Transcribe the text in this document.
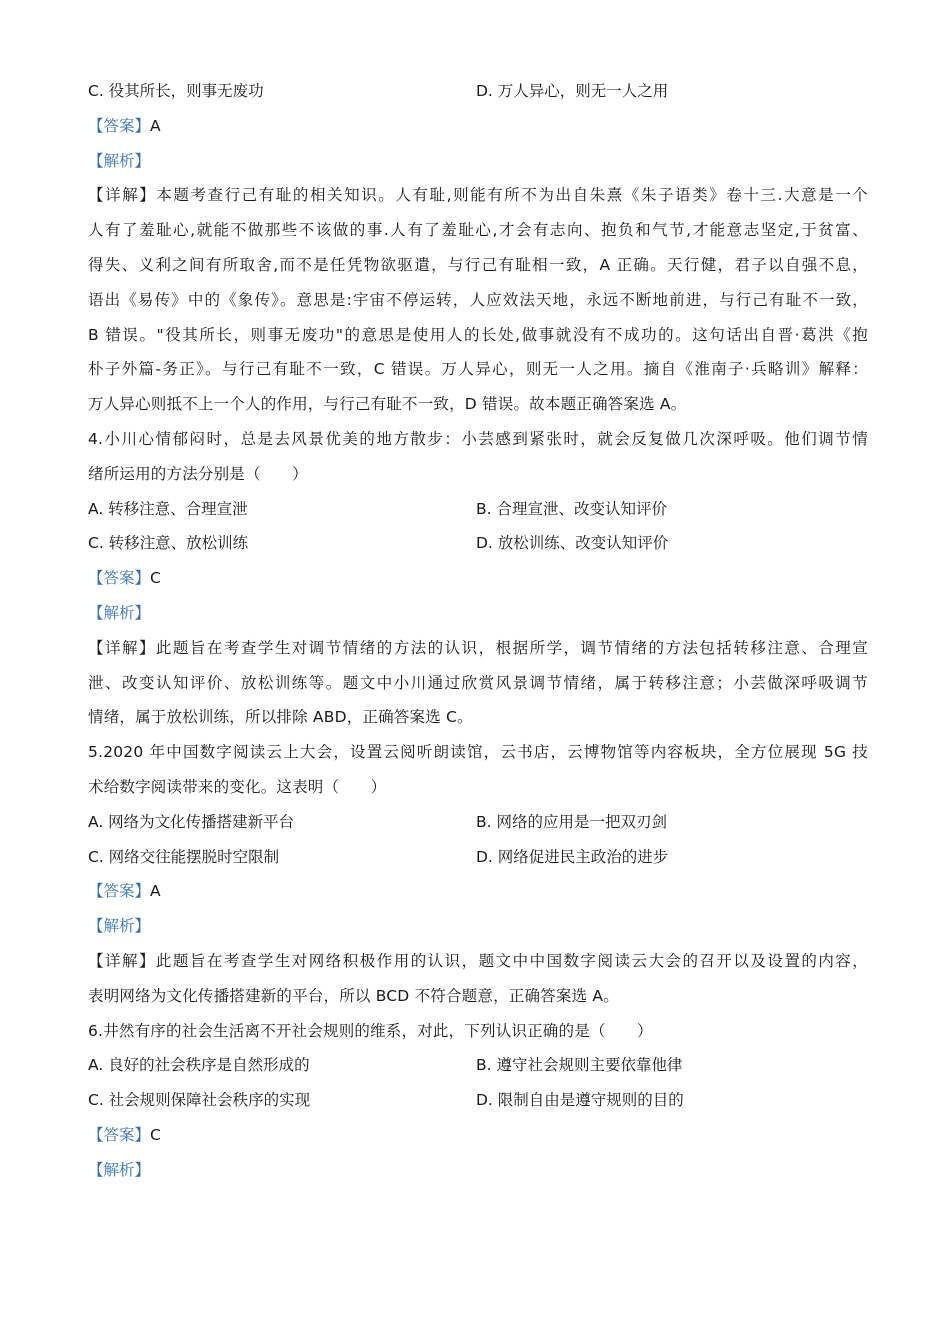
C. 役其所长，则事无废功	D. 万人异心，则无一人之用
【答案】A
【解析】
【详解】本题考查行己有耻的相关知识。人有耻,则能有所不为出自朱熹《朱子语类》卷十三.大意是一个
人有了羞耻心,就能不做那些不该做的事.人有了羞耻心,才会有志向、抱负和气节,才能意志坚定,于贫富、
得失、义利之间有所取舍,而不是任凭物欲驱遣，与行己有耻相一致，A 正确。天行健，君子以自强不息，
语出《易传》中的《象传》。意思是:宇宙不停运转，人应效法天地，永远不断地前进，与行己有耻不一致，
B 错误。"役其所长，则事无废功"的意思是使用人的长处,做事就没有不成功的。这句话出自晋·葛洪《抱
朴子外篇-务正》。与行己有耻不一致，C 错误。万人异心，则无一人之用。摘自《淮南子·兵略训》解释：
万人异心则抵不上一个人的作用，与行己有耻不一致，D 错误。故本题正确答案选 A。
4.小川心情郁闷时，总是去风景优美的地方散步：小芸感到紧张时，就会反复做几次深呼吸。他们调节情
绪所运用的方法分别是（　　）
A. 转移注意、合理宣泄	B. 合理宣泄、改变认知评价
C. 转移注意、放松训练	D. 放松训练、改变认知评价
【答案】C
【解析】
【详解】此题旨在考查学生对调节情绪的方法的认识，根据所学，调节情绪的方法包括转移注意、合理宣
泄、改变认知评价、放松训练等。题文中小川通过欣赏风景调节情绪，属于转移注意；小芸做深呼吸调节
情绪，属于放松训练，所以排除 ABD，正确答案选 C。
5.2020 年中国数字阅读云上大会，设置云阅听朗读馆，云书店，云博物馆等内容板块，全方位展现 5G 技
术给数字阅读带来的变化。这表明（　　）
A. 网络为文化传播搭建新平台	B. 网络的应用是一把双刃剑
C. 网络交往能摆脱时空限制	D. 网络促进民主政治的进步
【答案】A
【解析】
【详解】此题旨在考查学生对网络积极作用的认识，题文中中国数字阅读云大会的召开以及设置的内容，
表明网络为文化传播搭建新的平台，所以 BCD 不符合题意，正确答案选 A。
6.井然有序的社会生活离不开社会规则的维系，对此，下列认识正确的是（　　）
A. 良好的社会秩序是自然形成的	B. 遵守社会规则主要依靠他律
C. 社会规则保障社会秩序的实现	D. 限制自由是遵守规则的目的
【答案】C
【解析】
